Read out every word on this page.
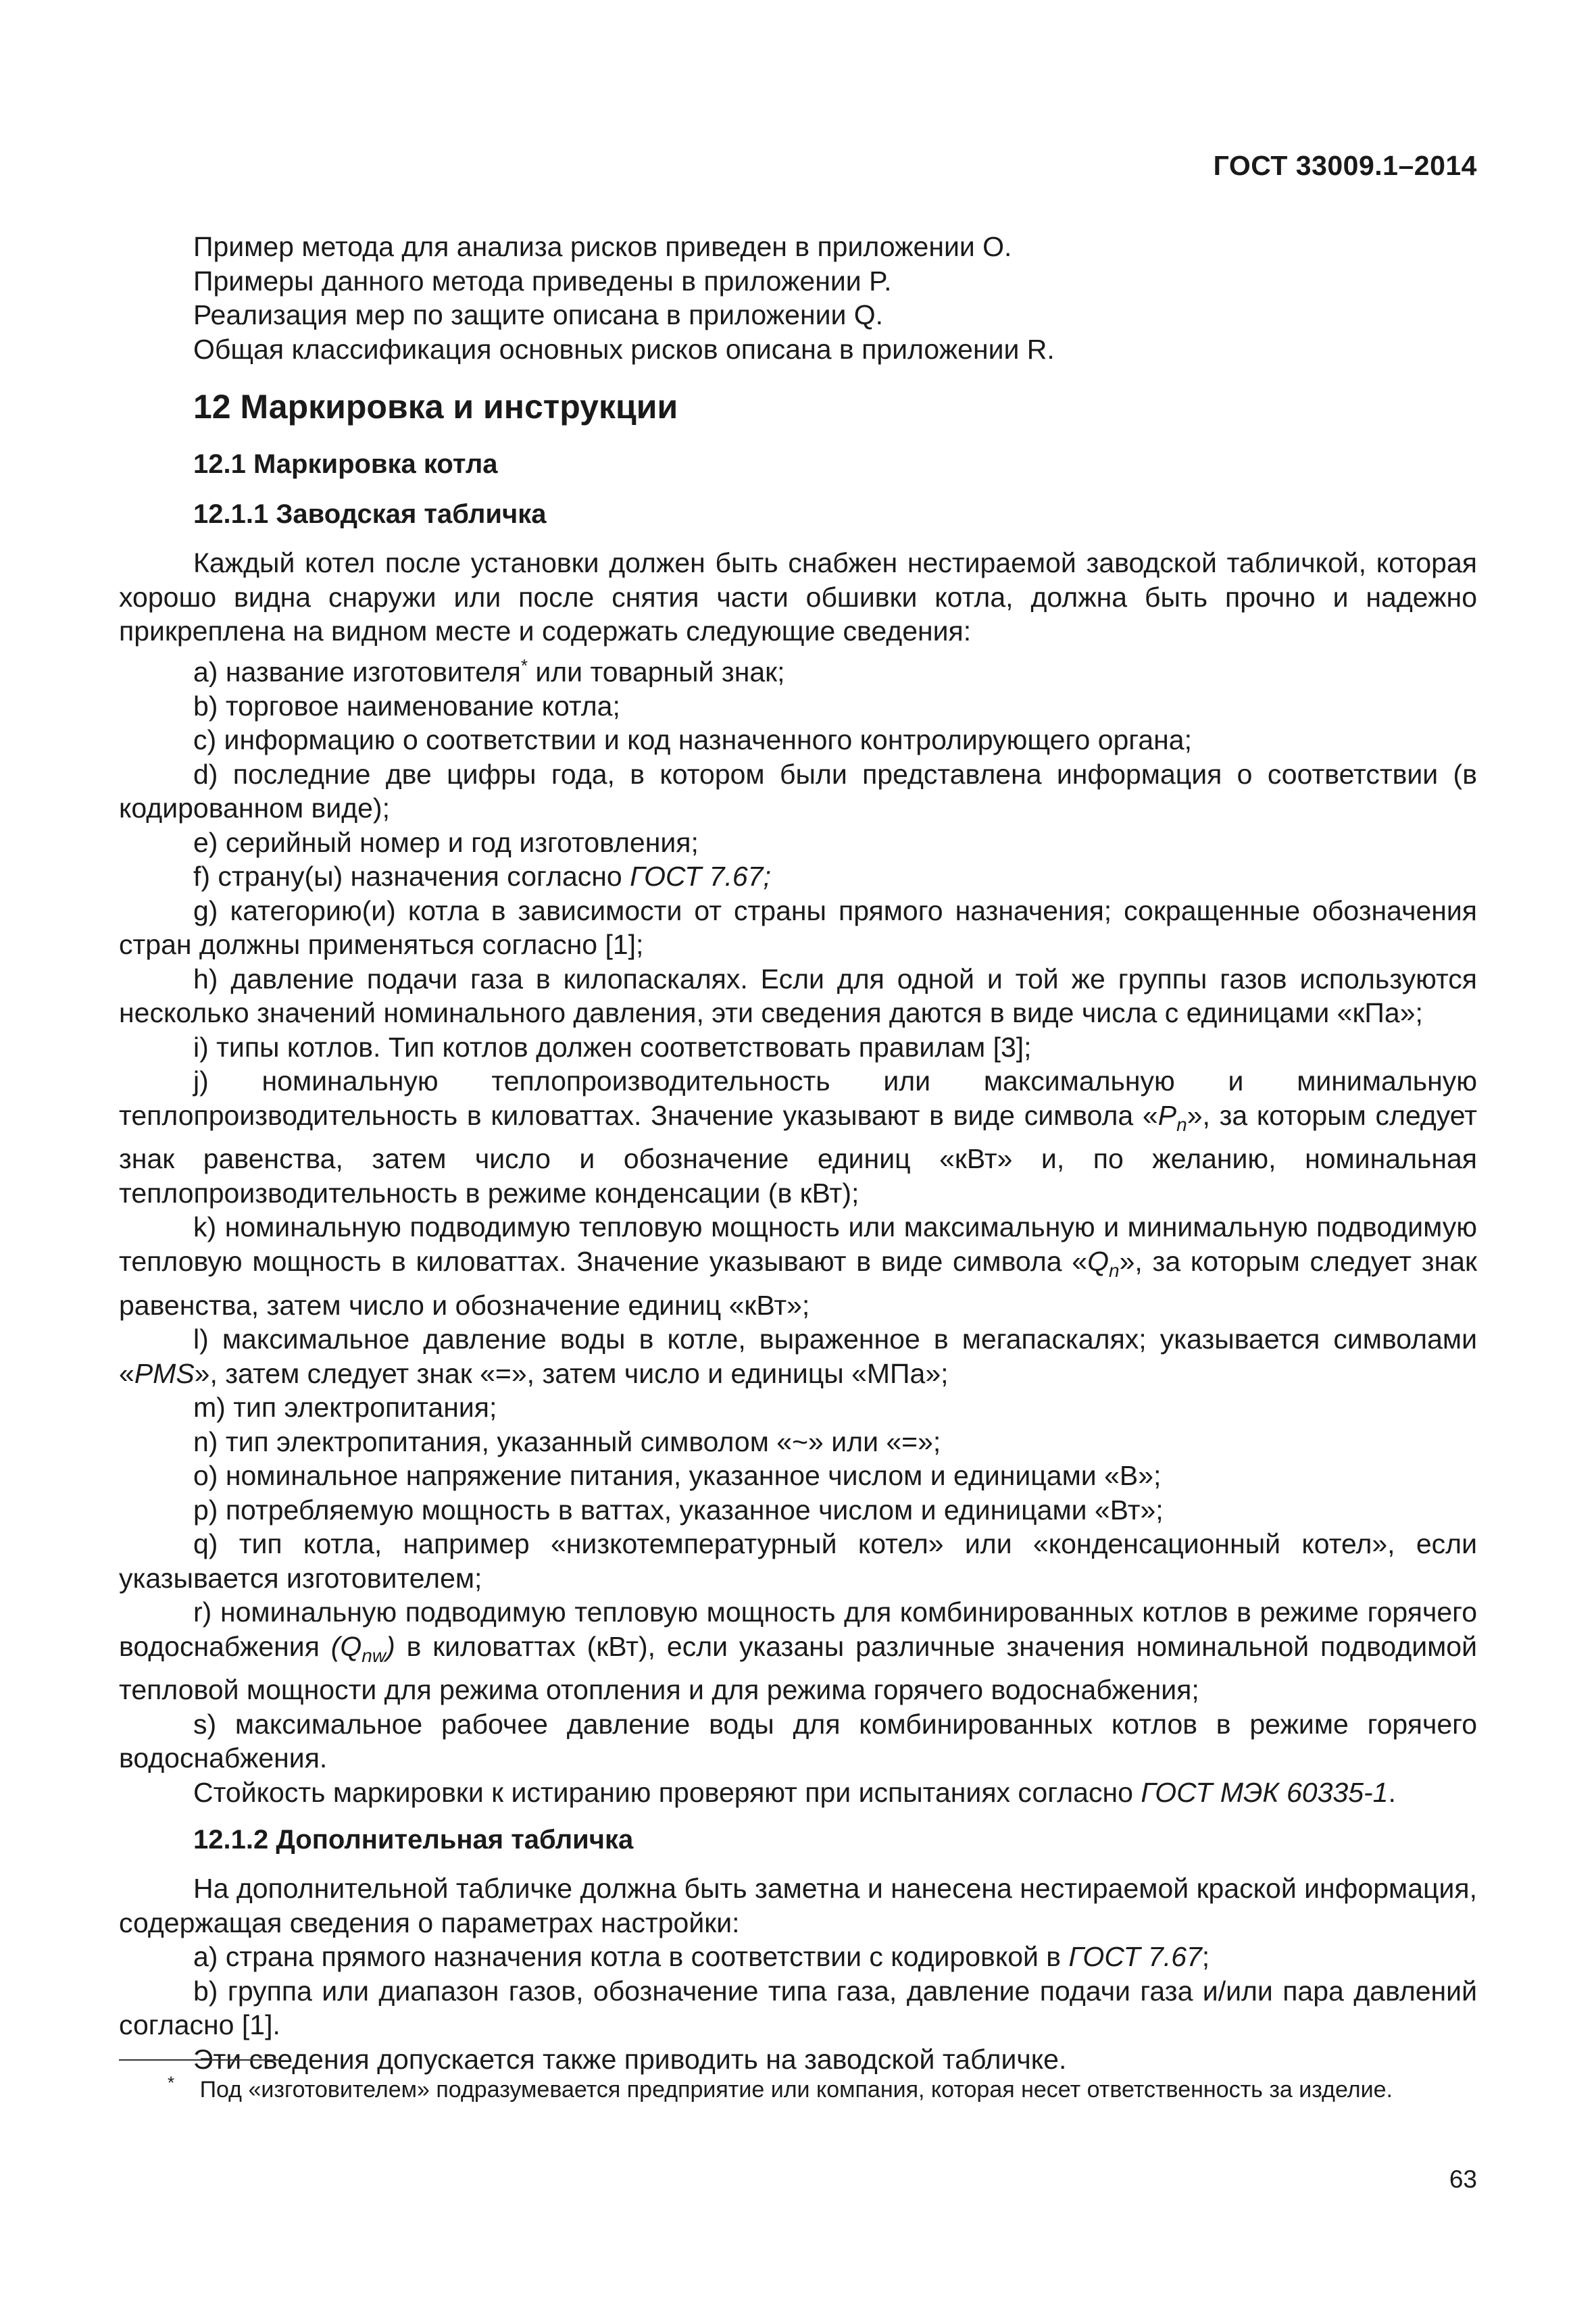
ГОСТ 33009.1–2014

Пример метода для анализа рисков приведен в приложении O.

Примеры данного метода приведены в приложении P.

Реализация мер по защите описана в приложении Q.

Общая классификация основных рисков описана в приложении R.

12 Маркировка и инструкции
12.1 Маркировка котла
12.1.1 Заводская табличка

Каждый котел после установки должен быть снабжен нестираемой заводской табличкой, которая хорошо видна снаружи или после снятия части обшивки котла, должна быть прочно и надежно прикреплена на видном месте и содержать следующие сведения:

a) название изготовителя* или товарный знак;

b) торговое наименование котла;

c) информацию о соответствии и код назначенного контролирующего органа;

d) последние две цифры года, в котором были представлена информация о соответствии (в кодированном виде);

e) серийный номер и год изготовления;

f) страну(ы) назначения согласно ГОСТ 7.67;

g) категорию(и) котла в зависимости от страны прямого назначения; сокращенные обозначения стран должны применяться согласно [1];

h) давление подачи газа в килопаскалях. Если для одной и той же группы газов используются несколько значений номинального давления, эти сведения даются в виде числа с единицами «кПа»;

i) типы котлов. Тип котлов должен соответствовать правилам [3];

j) номинальную теплопроизводительность или максимальную и минимальную теплопроизводительность в киловаттах. Значение указывают в виде символа «$P_n$», за которым следует знак равенства, затем число и обозначение единиц «кВт» и, по желанию, номинальная теплопроизводительность в режиме конденсации (в кВт);

k) номинальную подводимую тепловую мощность или максимальную и минимальную подводимую тепловую мощность в киловаттах. Значение указывают в виде символа «$Q_n$», за которым следует знак равенства, затем число и обозначение единиц «кВт»;

l) максимальное давление воды в котле, выраженное в мегапаскалях; указывается символами «PMS», затем следует знак «=», затем число и единицы «МПа»;

m) тип электропитания;

n) тип электропитания, указанный символом «~» или «=»;

o) номинальное напряжение питания, указанное числом и единицами «В»;

p) потребляемую мощность в ваттах, указанное числом и единицами «Вт»;

q) тип котла, например «низкотемпературный котел» или «конденсационный котел», если указывается изготовителем;

r) номинальную подводимую тепловую мощность для комбинированных котлов в режиме горячего водоснабжения $(Q_{nw})$ в киловаттах (кВт), если указаны различные значения номинальной подводимой тепловой мощности для режима отопления и для режима горячего водоснабжения;

s) максимальное рабочее давление воды для комбинированных котлов в режиме горячего водоснабжения.

Стойкость маркировки к истиранию проверяют при испытаниях согласно ГОСТ МЭК 60335-1.

12.1.2 Дополнительная табличка

На дополнительной табличке должна быть заметна и нанесена нестираемой краской информация, содержащая сведения о параметрах настройки:

a) страна прямого назначения котла в соответствии с кодировкой в ГОСТ 7.67;

b) группа или диапазон газов, обозначение типа газа, давление подачи газа и/или пара давлений согласно [1].

Эти сведения допускается также приводить на заводской табличке.

* Под «изготовителем» подразумевается предприятие или компания, которая несет ответственность за изделие.
63
